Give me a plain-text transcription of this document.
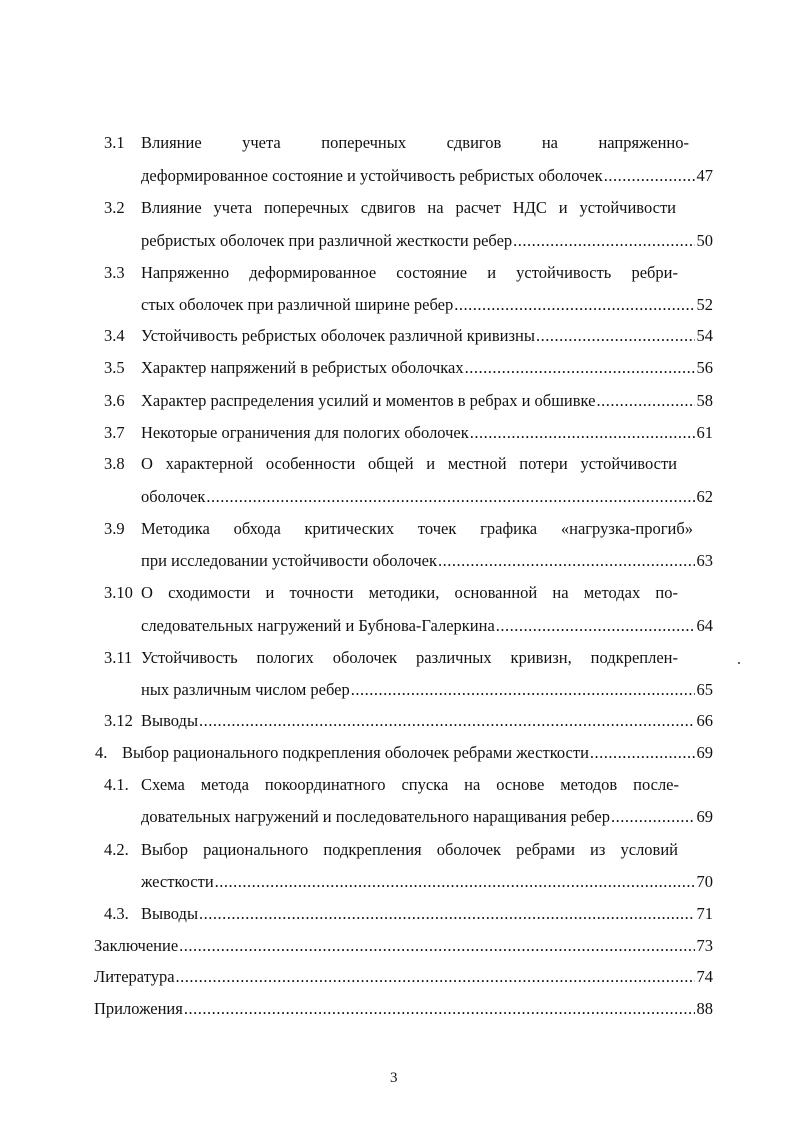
3.1 Влияние учета поперечных сдвигов на напряженно-
деформированное состояние и устойчивость ребристых оболочек .....	47
3.2 Влияние учета поперечных сдвигов на расчет НДС и устойчивости
ребристых оболочек при различной жесткости ребер .....	50
3.3 Напряженно деформированное состояние и устойчивость ребри-
стых оболочек при различной ширине ребер .....	52
3.4 Устойчивость ребристых оболочек различной кривизны .....	54
3.5 Характер напряжений в ребристых оболочках .....	56
3.6 Характер распределения усилий и моментов в ребрах и обшивке .....	58
3.7 Некоторые ограничения для пологих оболочек .....	61
3.8 О характерной особенности общей и местной потери устойчивости
оболочек .....	62
3.9 Методика обхода критических точек графика «нагрузка-прогиб»
при исследовании устойчивости оболочек .....	63
3.10 О сходимости и точности методики, основанной на методах по-
следовательных нагружений и Бубнова-Галеркина .....	64
3.11 Устойчивость пологих оболочек различных кривизн, подкреплен-
ных различным числом ребер .....	65
3.12 Выводы .....	66
4. Выбор рационального подкрепления оболочек ребрами жесткости .....	69
4.1. Схема метода покоординатного спуска на основе методов после-
довательных нагружений и последовательного наращивания ребер .....	69
4.2. Выбор рационального подкрепления оболочек ребрами из условий
жесткости .....	70
4.3. Выводы .....	71
Заключение .....	73
Литература .....	74
Приложения .....	88
3
